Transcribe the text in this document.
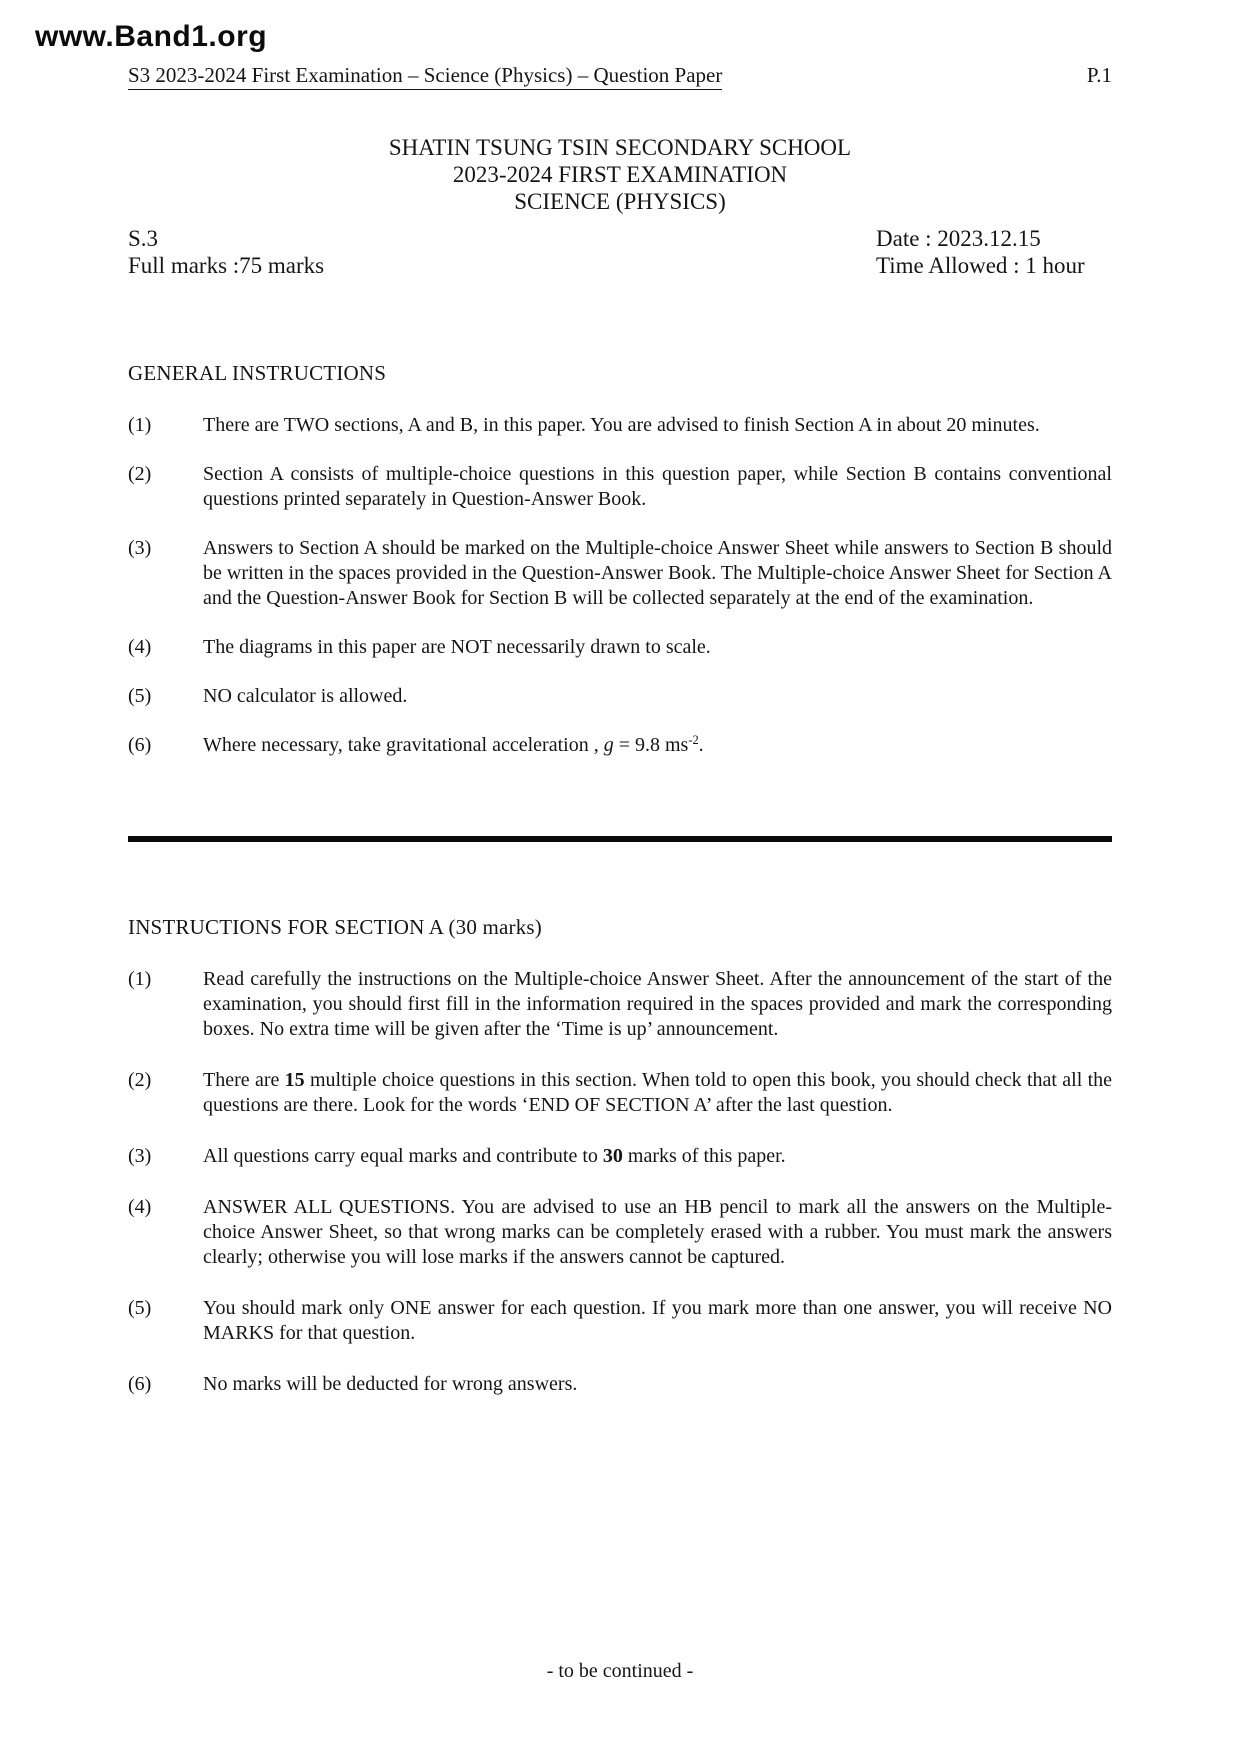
www.Band1.org
S3 2023-2024 First Examination – Science (Physics) – Question Paper	P.1
SHATIN TSUNG TSIN SECONDARY SCHOOL
2023-2024 FIRST EXAMINATION
SCIENCE (PHYSICS)
S.3	Date : 2023.12.15
Full marks :75 marks	Time Allowed : 1 hour
GENERAL INSTRUCTIONS
(1)	There are TWO sections, A and B, in this paper. You are advised to finish Section A in about 20 minutes.
(2)	Section A consists of multiple-choice questions in this question paper, while Section B contains conventional questions printed separately in Question-Answer Book.
(3)	Answers to Section A should be marked on the Multiple-choice Answer Sheet while answers to Section B should be written in the spaces provided in the Question-Answer Book. The Multiple-choice Answer Sheet for Section A and the Question-Answer Book for Section B will be collected separately at the end of the examination.
(4)	The diagrams in this paper are NOT necessarily drawn to scale.
(5)	NO calculator is allowed.
(6)	Where necessary, take gravitational acceleration , g = 9.8 $ms^{-2}$.
INSTRUCTIONS FOR SECTION A (30 marks)
(1)	Read carefully the instructions on the Multiple-choice Answer Sheet. After the announcement of the start of the examination, you should first fill in the information required in the spaces provided and mark the corresponding boxes. No extra time will be given after the ‘Time is up’ announcement.
(2)	There are 15 multiple choice questions in this section. When told to open this book, you should check that all the questions are there. Look for the words ‘END OF SECTION A’ after the last question.
(3)	All questions carry equal marks and contribute to 30 marks of this paper.
(4)	ANSWER ALL QUESTIONS. You are advised to use an HB pencil to mark all the answers on the Multiple-choice Answer Sheet, so that wrong marks can be completely erased with a rubber. You must mark the answers clearly; otherwise you will lose marks if the answers cannot be captured.
(5)	You should mark only ONE answer for each question. If you mark more than one answer, you will receive NO MARKS for that question.
(6)	No marks will be deducted for wrong answers.
- to be continued -
